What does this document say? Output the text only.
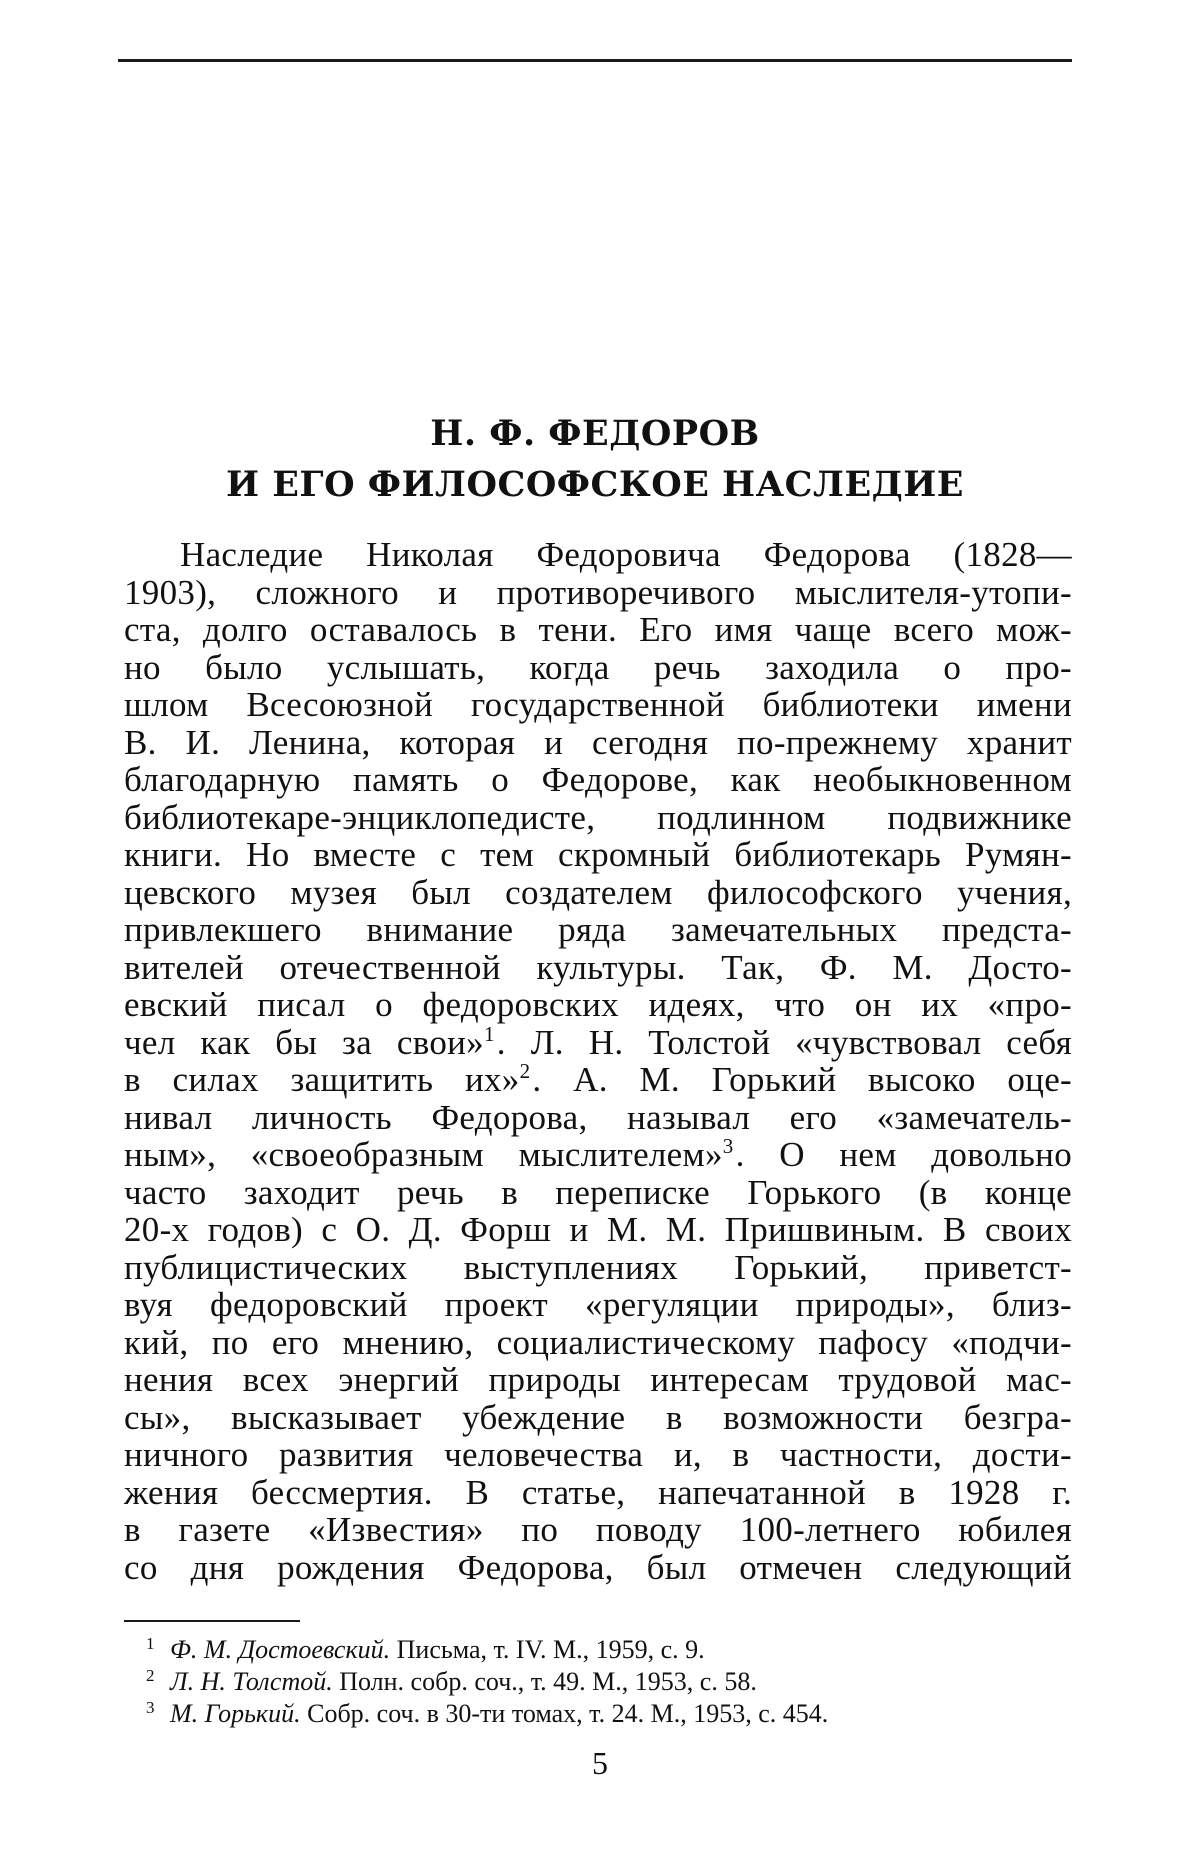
Н. Ф. ФЕДОРОВ
И ЕГО ФИЛОСОФСКОЕ НАСЛЕДИЕ
Наследие Николая Федоровича Федорова (1828—
1903), сложного и противоречивого мыслителя-утопи-
ста, долго оставалось в тени. Его имя чаще всего мож-
но было услышать, когда речь заходила о про-
шлом Всесоюзной государственной библиотеки имени
В. И. Ленина, которая и сегодня по-прежнему хранит
благодарную память о Федорове, как необыкновенном
библиотекаре-энциклопедисте, подлинном подвижнике
книги. Но вместе с тем скромный библиотекарь Румян-
цевского музея был создателем философского учения,
привлекшего внимание ряда замечательных предста-
вителей отечественной культуры. Так, Ф. М. Досто-
евский писал о федоровских идеях, что он их «про-
чел как бы за свои»$^1$. Л. Н. Толстой «чувствовал себя
в силах защитить их»$^2$. А. М. Горький высоко оце-
нивал личность Федорова, называл его «замечатель-
ным», «своеобразным мыслителем»$^3$. О нем довольно
часто заходит речь в переписке Горького (в конце
20-х годов) с О. Д. Форш и М. М. Пришвиным. В своих
публицистических выступлениях Горький, приветст-
вуя федоровский проект «регуляции природы», близ-
кий, по его мнению, социалистическому пафосу «подчи-
нения всех энергий природы интересам трудовой мас-
сы», высказывает убеждение в возможности безгра-
ничного развития человечества и, в частности, дости-
жения бессмертия. В статье, напечатанной в 1928 г.
в газете «Известия» по поводу 100-летнего юбилея
со дня рождения Федорова, был отмечен следующий
1 Ф. М. Достоевский. Письма, т. IV. М., 1959, с. 9.
2 Л. Н. Толстой. Полн. собр. соч., т. 49. М., 1953, с. 58.
3 М. Горький. Собр. соч. в 30-ти томах, т. 24. М., 1953, с. 454.
5
